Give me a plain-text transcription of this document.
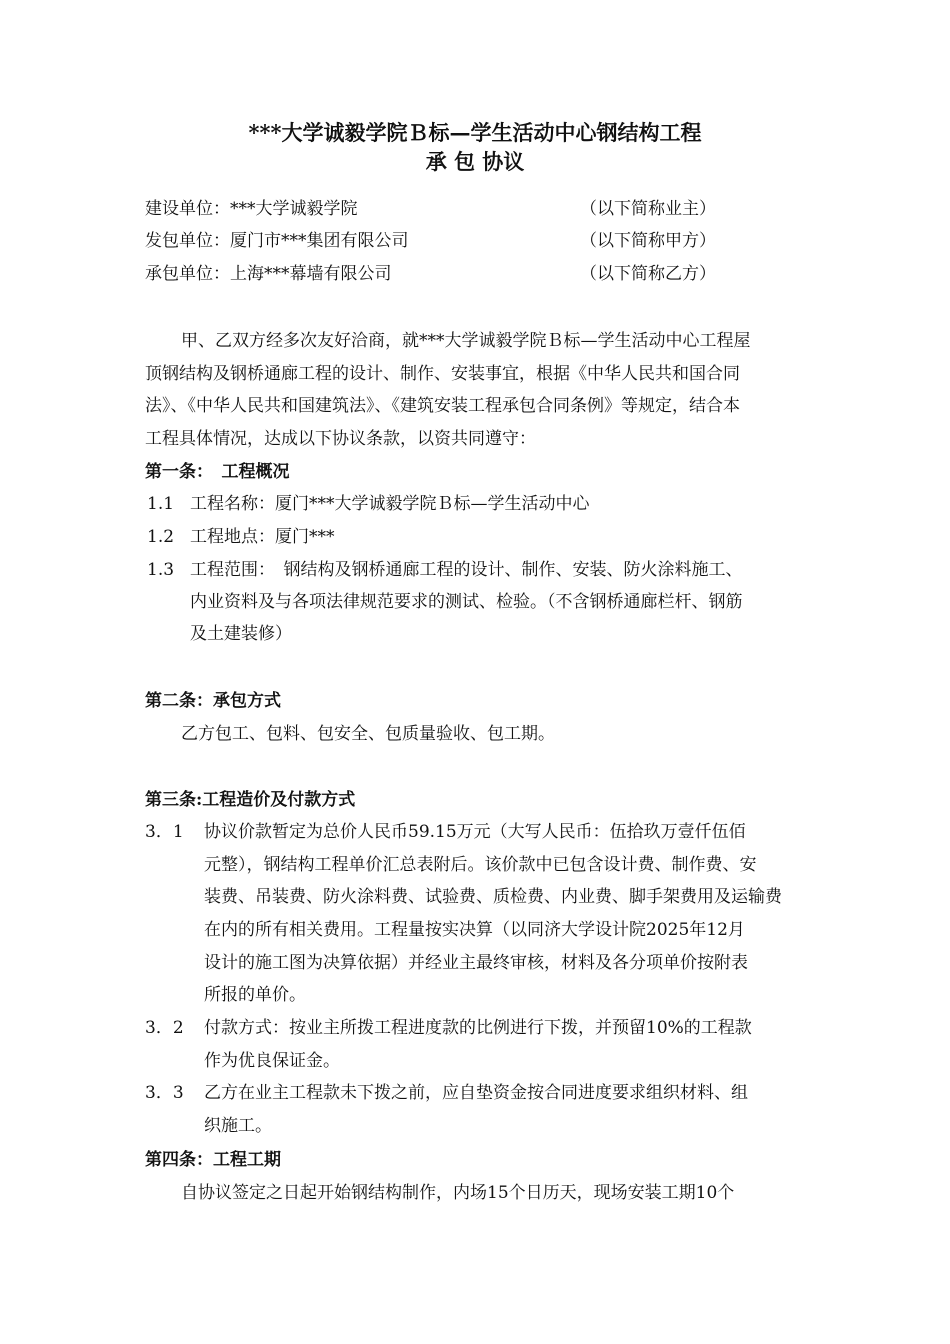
***大学诚毅学院Ｂ标—学生活动中心钢结构工程
承 包 协议
建设单位：***大学诚毅学院	（以下简称业主）
发包单位：厦门市***集团有限公司	（以下简称甲方）
承包单位：上海***幕墙有限公司	（以下简称乙方）
甲、乙双方经多次友好洽商，就***大学诚毅学院Ｂ标—学生活动中心工程屋
顶钢结构及钢桥通廊工程的设计、制作、安装事宜，根据《中华人民共和国合同
法》、《中华人民共和国建筑法》、《建筑安装工程承包合同条例》等规定，结合本
工程具体情况，达成以下协议条款，以资共同遵守：
第一条：　工程概况
1.1 工程名称：厦门***大学诚毅学院Ｂ标—学生活动中心
1.2 工程地点：厦门***
1.3 工程范围：　钢结构及钢桥通廊工程的设计、制作、安装、防火涂料施工、
内业资料及与各项法律规范要求的测试、检验。（不含钢桥通廊栏杆、钢筋
及土建装修）
第二条：承包方式
乙方包工、包料、包安全、包质量验收、包工期。
第三条:工程造价及付款方式
3．1 协议价款暂定为总价人民币59.15万元（大写人民币：伍拾玖万壹仟伍佰
元整），钢结构工程单价汇总表附后。该价款中已包含设计费、制作费、安
装费、吊装费、防火涂料费、试验费、质检费、内业费、脚手架费用及运输费
在内的所有相关费用。工程量按实决算（以同济大学设计院2025年12月
设计的施工图为决算依据）并经业主最终审核，材料及各分项单价按附表
所报的单价。
3．2 付款方式：按业主所拨工程进度款的比例进行下拨，并预留10%的工程款
作为优良保证金。
3．3 乙方在业主工程款未下拨之前，应自垫资金按合同进度要求组织材料、组
织施工。
第四条：工程工期
自协议签定之日起开始钢结构制作，内场15个日历天，现场安装工期10个
